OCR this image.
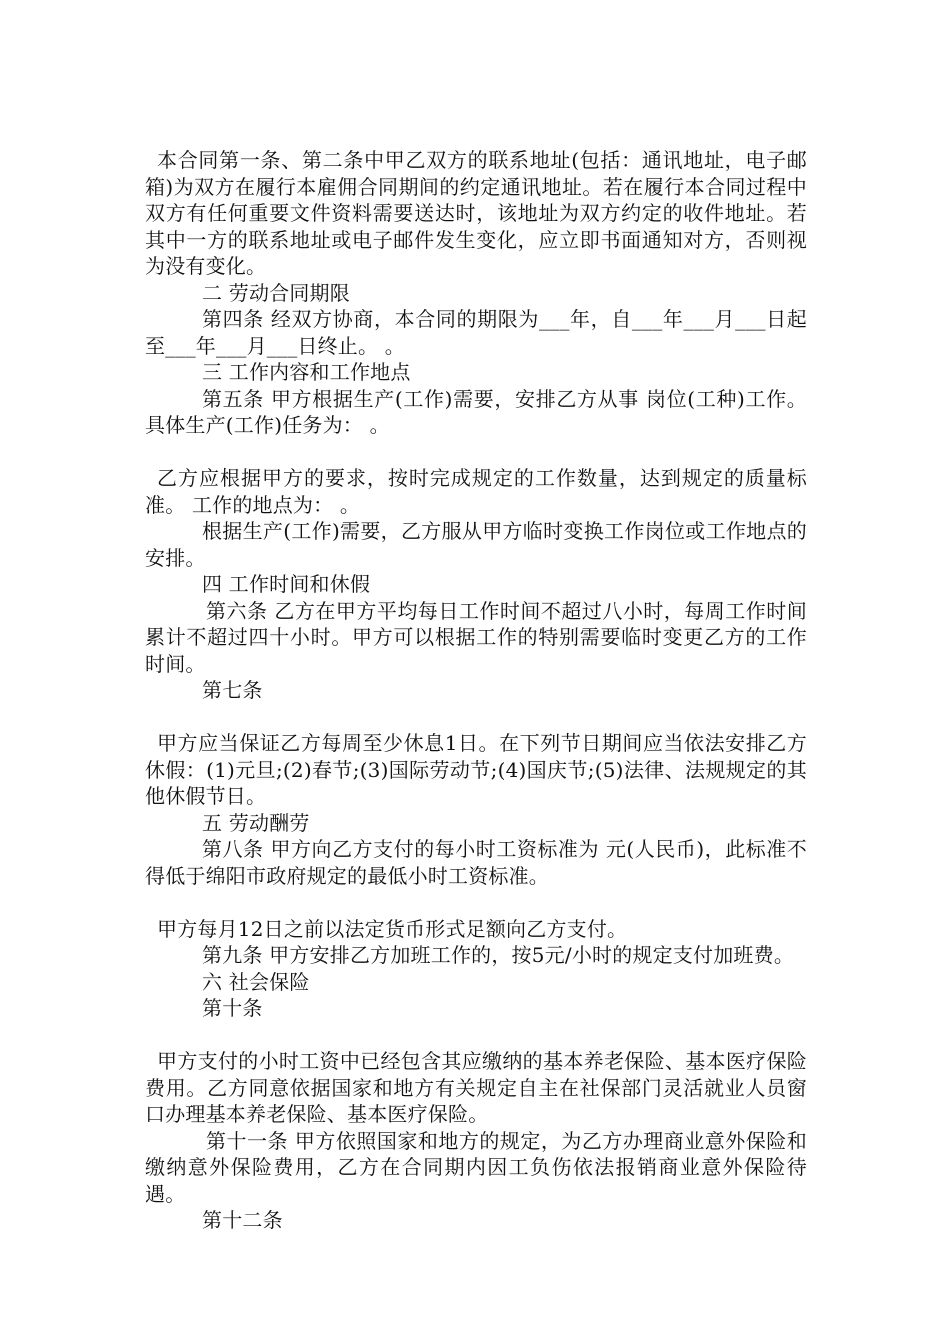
本合同第一条、第二条中甲乙双方的联系地址(包括：通讯地址，电子邮箱)为双方在履行本雇佣合同期间的约定通讯地址。若在履行本合同过程中双方有任何重要文件资料需要送达时，该地址为双方约定的收件地址。若其中一方的联系地址或电子邮件发生变化，应立即书面通知对方，否则视为没有变化。

二 劳动合同期限

第四条 经双方协商，本合同的期限为___年，自___年___月___日起至___年___月___日终止。 。

三 工作内容和工作地点

第五条 甲方根据生产(工作)需要，安排乙方从事 岗位(工种)工作。具体生产(工作)任务为： 。

乙方应根据甲方的要求，按时完成规定的工作数量，达到规定的质量标准。 工作的地点为： 。

根据生产(工作)需要，乙方服从甲方临时变换工作岗位或工作地点的安排。

四 工作时间和休假

第六条 乙方在甲方平均每日工作时间不超过八小时，每周工作时间累计不超过四十小时。甲方可以根据工作的特别需要临时变更乙方的工作时间。

第七条

甲方应当保证乙方每周至少休息1日。在下列节日期间应当依法安排乙方休假：(1)元旦;(2)春节;(3)国际劳动节;(4)国庆节;(5)法律、法规规定的其他休假节日。

五 劳动酬劳

第八条 甲方向乙方支付的每小时工资标准为 元(人民币)，此标准不得低于绵阳市政府规定的最低小时工资标准。

甲方每月12日之前以法定货币形式足额向乙方支付。

第九条 甲方安排乙方加班工作的，按5元/小时的规定支付加班费。

六 社会保险

第十条

甲方支付的小时工资中已经包含其应缴纳的基本养老保险、基本医疗保险费用。乙方同意依据国家和地方有关规定自主在社保部门灵活就业人员窗口办理基本养老保险、基本医疗保险。

第十一条 甲方依照国家和地方的规定，为乙方办理商业意外保险和缴纳意外保险费用，乙方在合同期内因工负伤依法报销商业意外保险待遇。

第十二条
